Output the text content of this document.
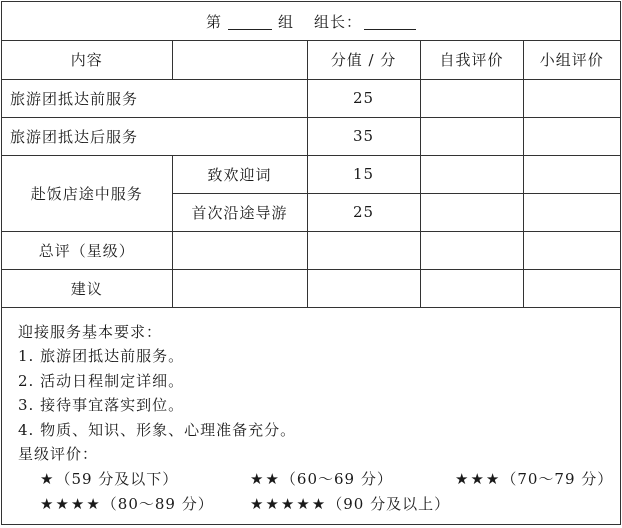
第	组 组长：
内容		分值 / 分	自我评价	小组评价
旅游团抵达前服务		25		
旅游团抵达后服务		35		
赴饭店途中服务	致欢迎词	15		
	首次沿途导游	25		
总评（星级）				
建议				
迎接服务基本要求：
1. 旅游团抵达前服务。
2. 活动日程制定详细。
3. 接待事宜落实到位。
4. 物质、知识、形象、心理准备充分。
星级评价：
★（59 分及以下）	★★（60～69 分）	★★★（70～79 分）
★★★★（80～89 分）	★★★★★（90 分及以上）
